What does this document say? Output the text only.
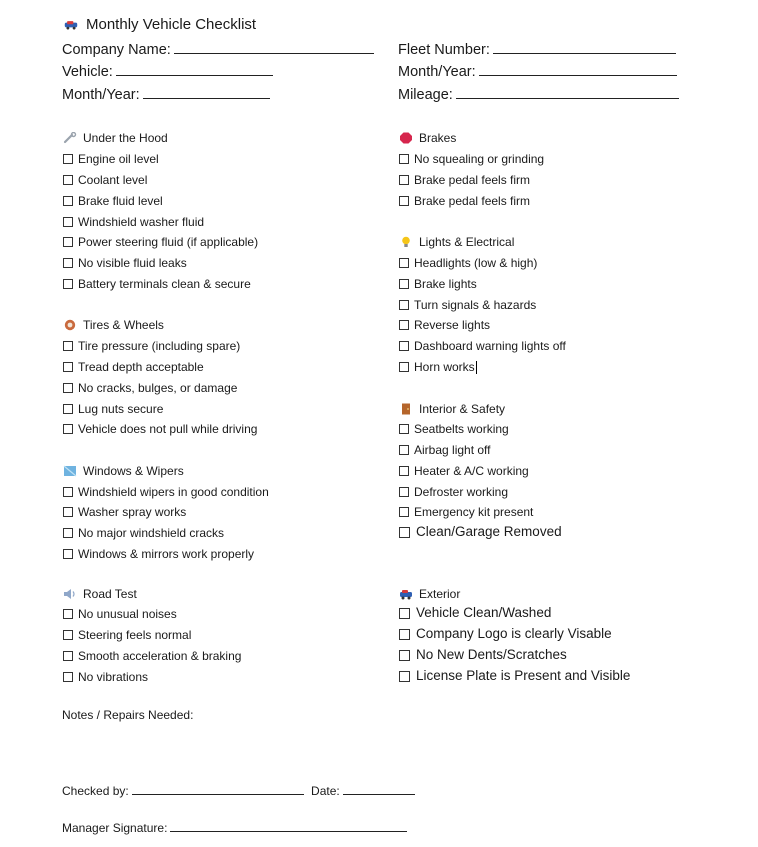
Monthly Vehicle Checklist
Company Name:
Vehicle:
Month/Year:
Fleet Number:
Month/Year:
Mileage:
Under the Hood
Engine oil level
Coolant level
Brake fluid level
Windshield washer fluid
Power steering fluid (if applicable)
No visible fluid leaks
Battery terminals clean & secure
Tires & Wheels
Tire pressure (including spare)
Tread depth acceptable
No cracks, bulges, or damage
Lug nuts secure
Vehicle does not pull while driving
Windows & Wipers
Windshield wipers in good condition
Washer spray works
No major windshield cracks
Windows & mirrors work properly
Road Test
No unusual noises
Steering feels normal
Smooth acceleration & braking
No vibrations
Brakes
No squealing or grinding
Brake pedal feels firm
Brake pedal feels firm
Lights & Electrical
Headlights (low & high)
Brake lights
Turn signals & hazards
Reverse lights
Dashboard warning lights off
Horn works
Interior & Safety
Seatbelts working
Airbag light off
Heater & A/C working
Defroster working
Emergency kit present
Clean/Garage Removed
Exterior
Vehicle Clean/Washed
Company Logo is clearly Visable
No New Dents/Scratches
License Plate is Present and Visible
Notes / Repairs Needed:
Checked by:	Date:
Manager Signature:
